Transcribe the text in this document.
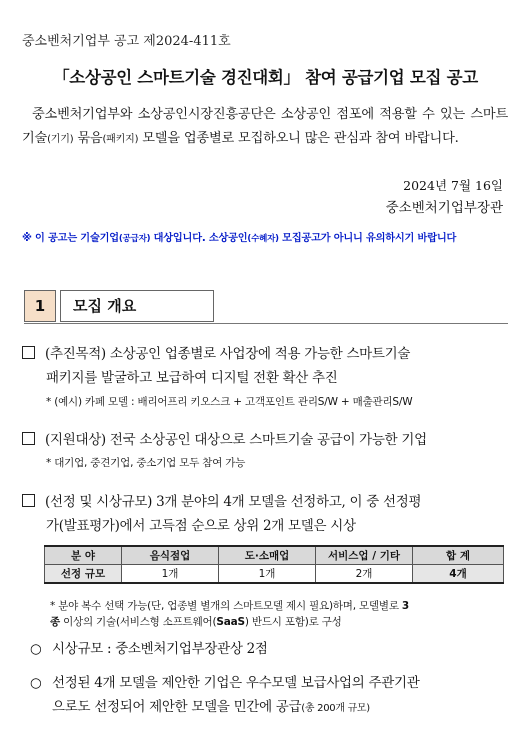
중소벤처기업부 공고 제2024-411호
「소상공인 스마트기술 경진대회」 참여 공급기업 모집 공고
중소벤처기업부와 소상공인시장진흥공단은 소상공인 점포에 적용할 수 있는 스마트기술(기기) 묶음(패키지) 모델을 업종별로 모집하오니 많은 관심과 참여 바랍니다.
2024년 7월 16일
중소벤처기업부장관
※ 이 공고는 기술기업(공급자) 대상입니다. 소상공인(수혜자) 모집공고가 아니니 유의하시기 바랍니다
1	모집 개요
(추진목적) 소상공인 업종별로 사업장에 적용 가능한 스마트기술
패키지를 발굴하고 보급하여 디지털 전환 확산 추진
* (예시) 카페 모델 : 배리어프리 키오스크 + 고객포인트 관리S/W + 매출관리S/W
(지원대상) 전국 소상공인 대상으로 스마트기술 공급이 가능한 기업
* 대기업, 중견기업, 중소기업 모두 참여 가능
(선정 및 시상규모) 3개 분야의 4개 모델을 선정하고, 이 중 선정평
가(발표평가)에서 고득점 순으로 상위 2개 모델은 시상
분 야	음식점업	도·소매업	서비스업 / 기타	합 계
선정 규모	1개	1개	2개	4개
* 분야 복수 선택 가능(단, 업종별 별개의 스마트모델 제시 필요)하며, 모델별로 3
종 이상의 기술(서비스형 소프트웨어(SaaS) 반드시 포함)로 구성
○ 시상규모 : 중소벤처기업부장관상 2점
○ 선정된 4개 모델을 제안한 기업은 우수모델 보급사업의 주관기관
으로도 선정되어 제안한 모델을 민간에 공급(총 200개 규모)
